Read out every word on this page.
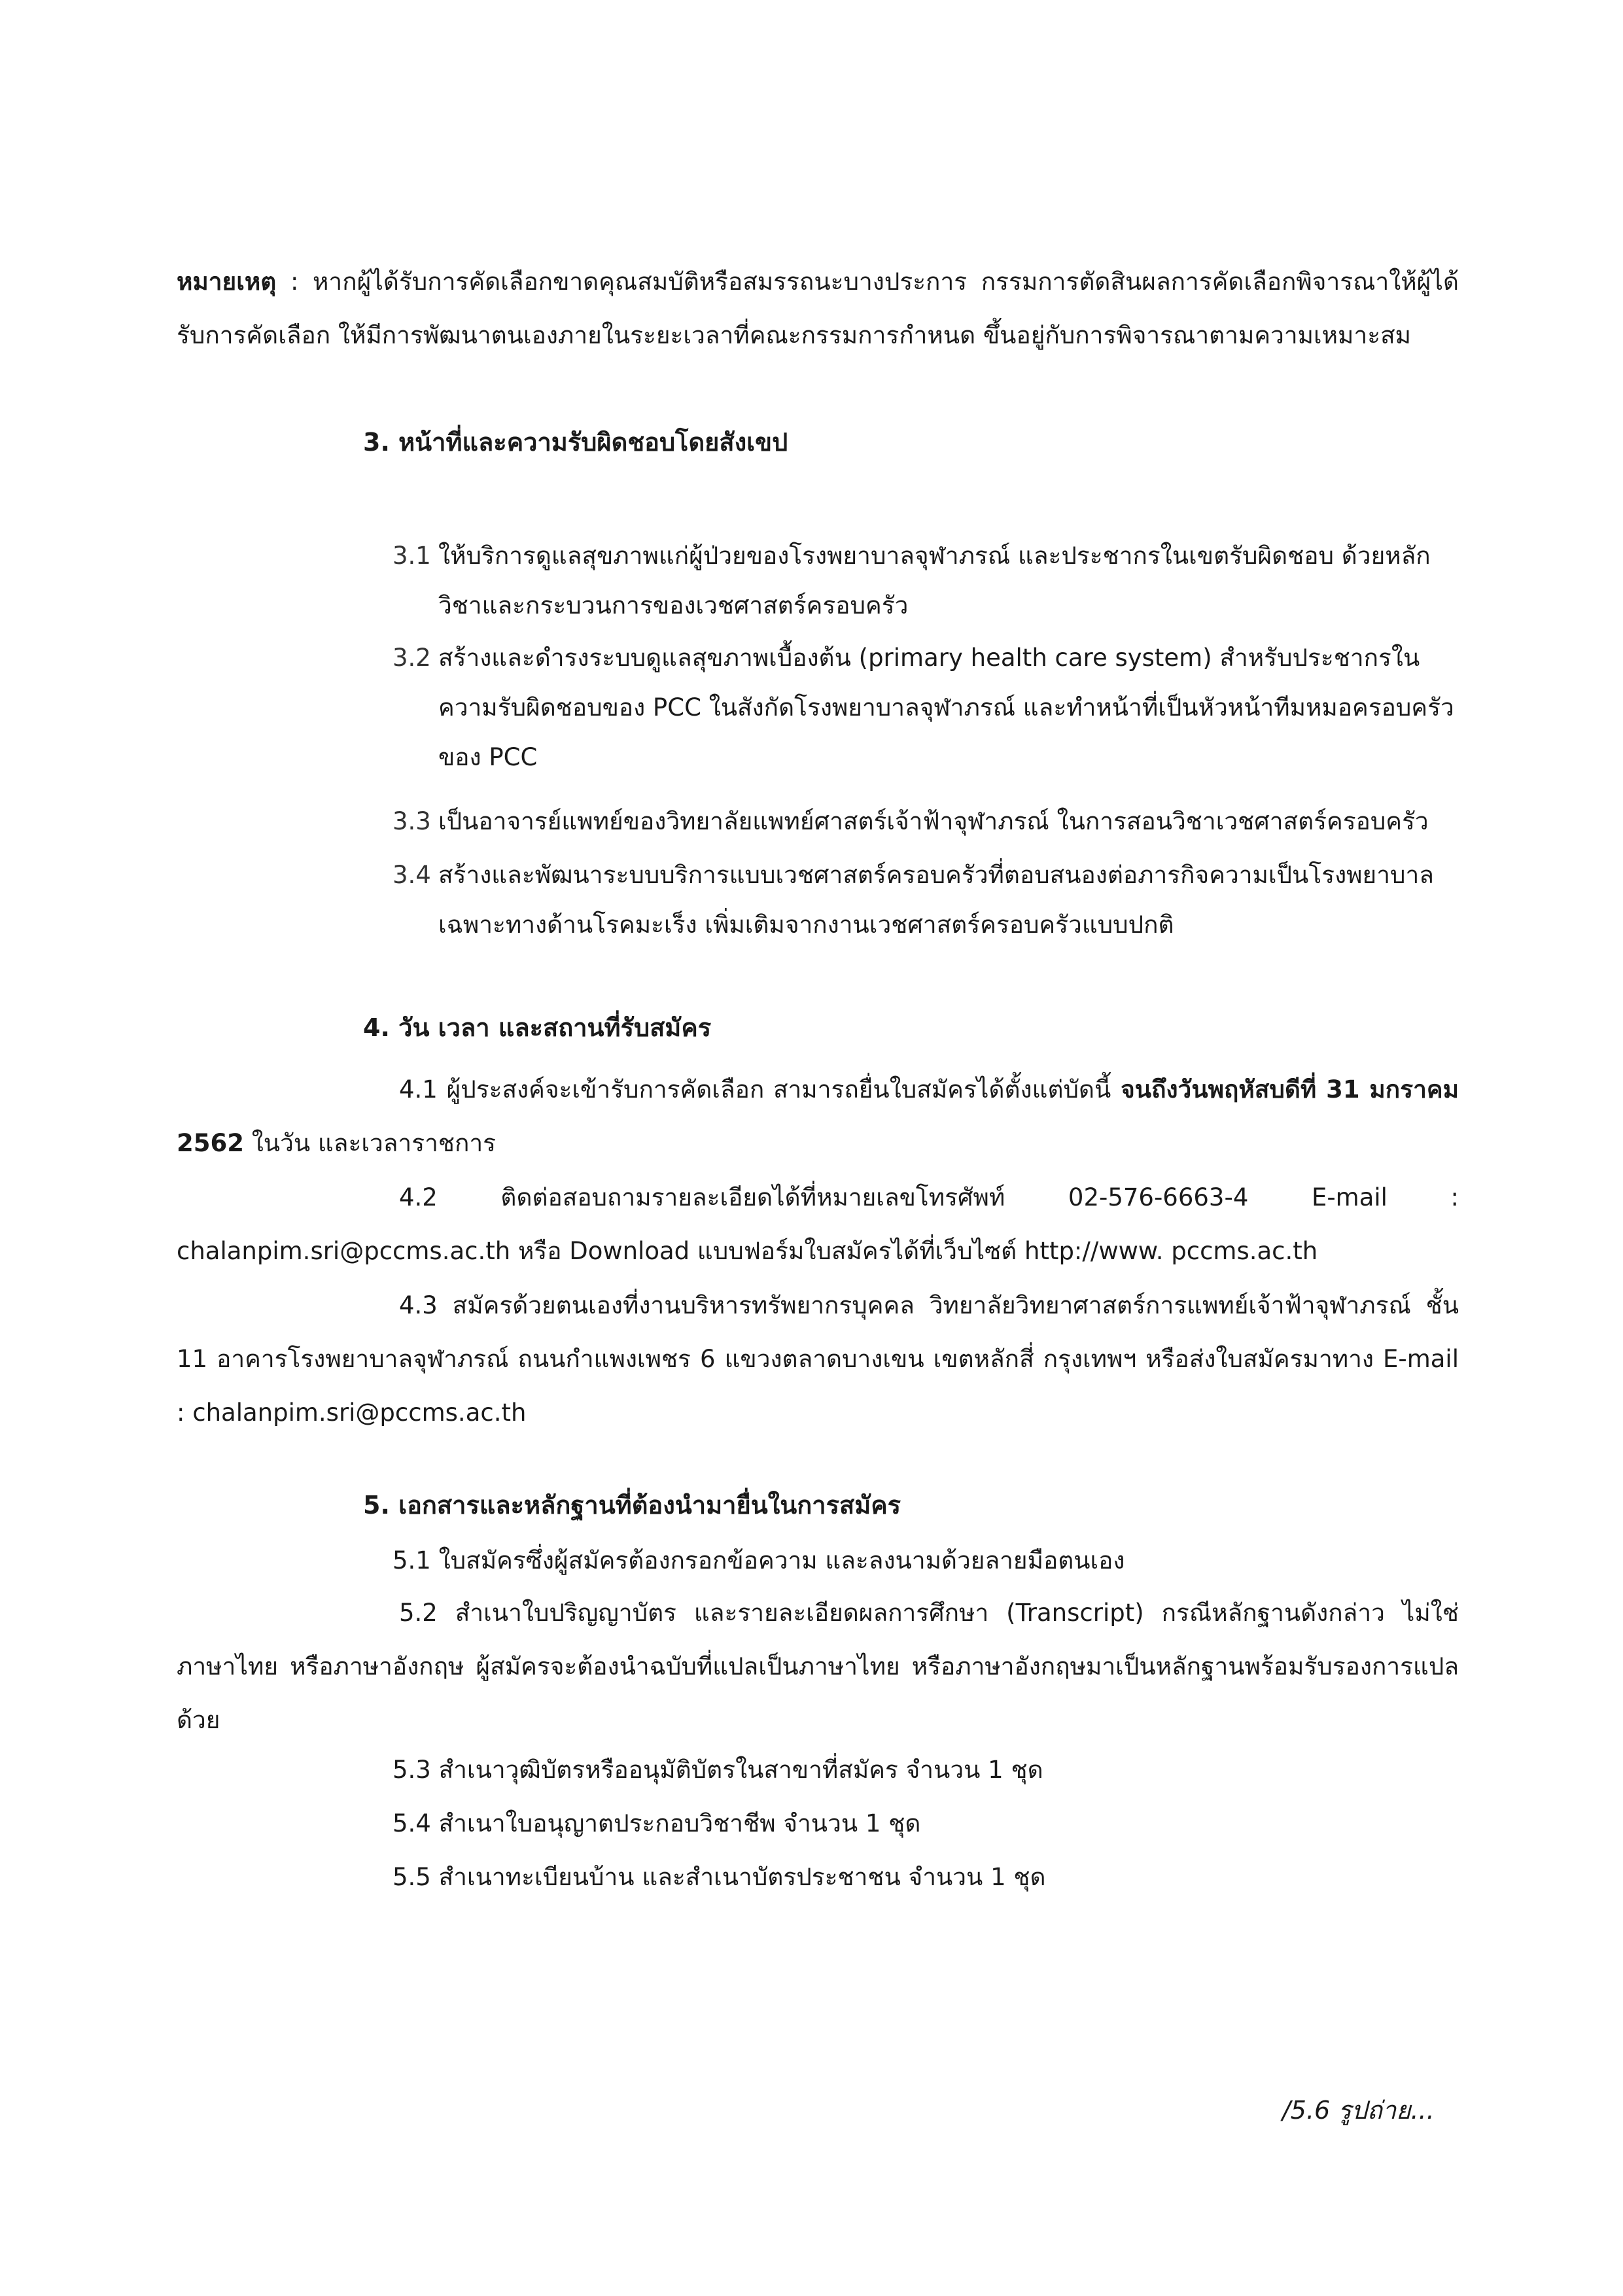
หมายเหตุ : หากผู้ได้รับการคัดเลือกขาดคุณสมบัติหรือสมรรถนะบางประการ กรรมการตัดสินผลการคัดเลือกพิจารณาให้ผู้ได้รับการคัดเลือก ให้มีการพัฒนาตนเองภายในระยะเวลาที่คณะกรรมการกำหนด ขึ้นอยู่กับการพิจารณาตามความเหมาะสม
3. หน้าที่และความรับผิดชอบโดยสังเขป
3.1 ให้บริการดูแลสุขภาพแก่ผู้ป่วยของโรงพยาบาลจุฬาภรณ์ และประชากรในเขตรับผิดชอบ ด้วยหลักวิชาและกระบวนการของเวชศาสตร์ครอบครัว
3.2 สร้างและดำรงระบบดูแลสุขภาพเบื้องต้น (primary health care system) สำหรับประชากรในความรับผิดชอบของ PCC ในสังกัดโรงพยาบาลจุฬาภรณ์ และทำหน้าที่เป็นหัวหน้าทีมหมอครอบครัวของ PCC
3.3 เป็นอาจารย์แพทย์ของวิทยาลัยแพทย์ศาสตร์เจ้าฟ้าจุฬาภรณ์ ในการสอนวิชาเวชศาสตร์ครอบครัว
3.4 สร้างและพัฒนาระบบบริการแบบเวชศาสตร์ครอบครัวที่ตอบสนองต่อภารกิจความเป็นโรงพยาบาลเฉพาะทางด้านโรคมะเร็ง เพิ่มเติมจากงานเวชศาสตร์ครอบครัวแบบปกติ
4. วัน เวลา และสถานที่รับสมัคร
4.1 ผู้ประสงค์จะเข้ารับการคัดเลือก สามารถยื่นใบสมัครได้ตั้งแต่บัดนี้ จนถึงวันพฤหัสบดีที่ 31 มกราคม 2562 ในวัน และเวลาราชการ
4.2 ติดต่อสอบถามรายละเอียดได้ที่หมายเลขโทรศัพท์ 02-576-6663-4 E-mail : chalanpim.sri@pccms.ac.th หรือ Download แบบฟอร์มใบสมัครได้ที่เว็บไซต์ http://www. pccms.ac.th
4.3 สมัครด้วยตนเองที่งานบริหารทรัพยากรบุคคล วิทยาลัยวิทยาศาสตร์การแพทย์เจ้าฟ้าจุฬาภรณ์ ชั้น 11 อาคารโรงพยาบาลจุฬาภรณ์ ถนนกำแพงเพชร 6 แขวงตลาดบางเขน เขตหลักสี่ กรุงเทพฯ หรือส่งใบสมัครมาทาง E-mail : chalanpim.sri@pccms.ac.th
5. เอกสารและหลักฐานที่ต้องนำมายื่นในการสมัคร
5.1 ใบสมัครซึ่งผู้สมัครต้องกรอกข้อความ และลงนามด้วยลายมือตนเอง
5.2 สำเนาใบปริญญาบัตร และรายละเอียดผลการศึกษา (Transcript) กรณีหลักฐานดังกล่าว ไม่ใช่ภาษาไทย หรือภาษาอังกฤษ ผู้สมัครจะต้องนำฉบับที่แปลเป็นภาษาไทย หรือภาษาอังกฤษมาเป็นหลักฐานพร้อมรับรองการแปลด้วย
5.3 สำเนาวุฒิบัตรหรืออนุมัติบัตรในสาขาที่สมัคร จำนวน 1 ชุด
5.4 สำเนาใบอนุญาตประกอบวิชาชีพ จำนวน 1 ชุด
5.5 สำเนาทะเบียนบ้าน และสำเนาบัตรประชาชน จำนวน 1 ชุด
/5.6 รูปถ่าย...
